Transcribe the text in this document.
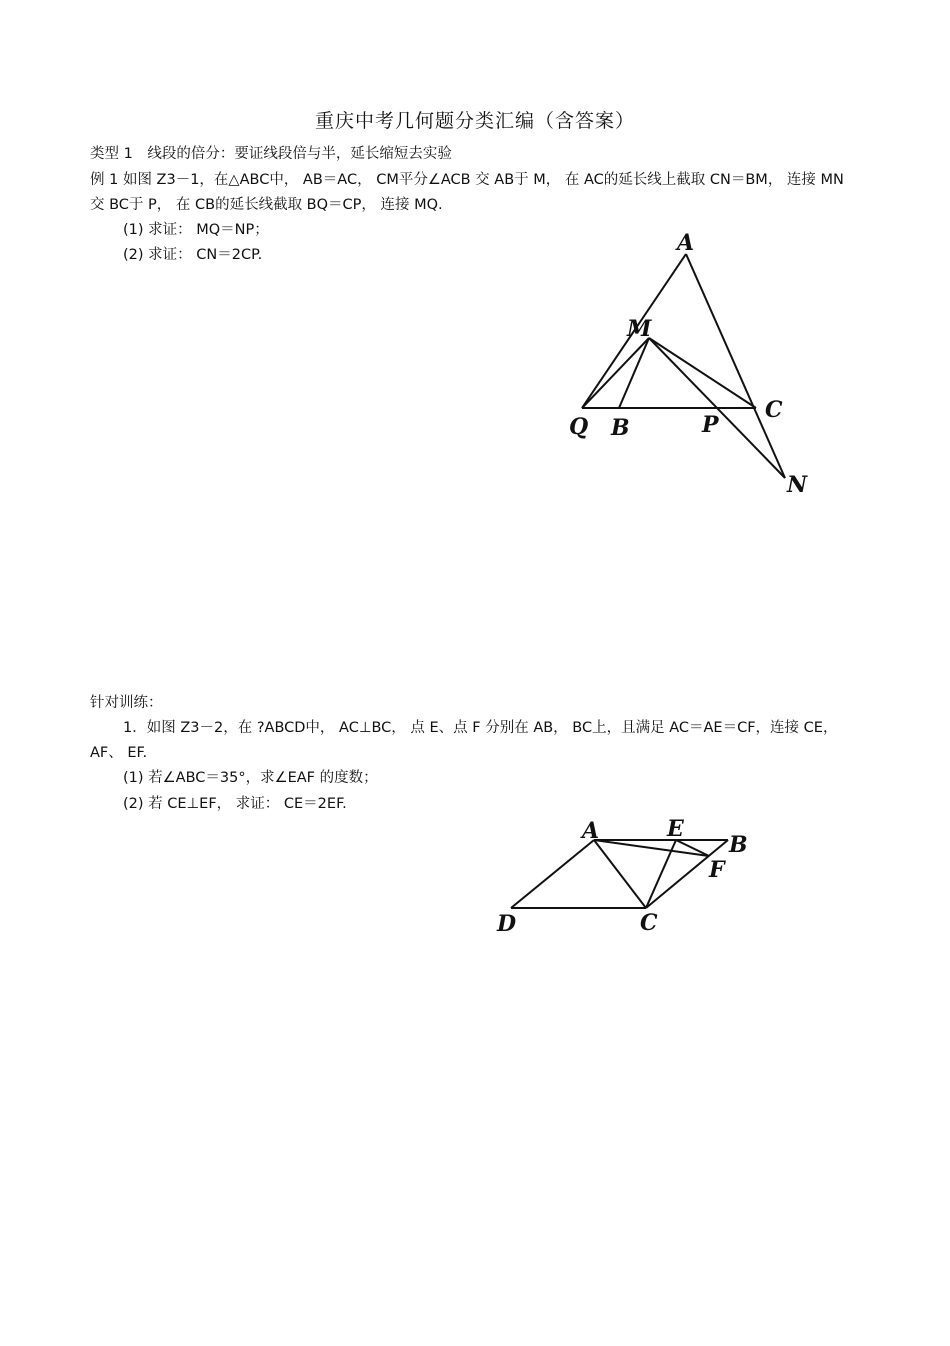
重庆中考几何题分类汇编（含答案）
类型 1　线段的倍分：要证线段倍与半，延长缩短去实验
例 1 如图 Z3－1，在△ABC中， AB＝AC， CM平分∠ACB 交 AB于 M， 在 AC的延长线上截取 CN＝BM， 连接 MN
交 BC于 P， 在 CB的延长线截取 BQ＝CP， 连接 MQ.
(1) 求证： MQ＝NP；
(2) 求证： CN＝2CP.
针对训练：
1．如图 Z3－2，在 ?ABCD中， AC⊥BC， 点 E、点 F 分别在 AB， BC上，且满足 AC＝AE＝CF，连接 CE，
AF、 EF.
(1) 若∠ABC＝35°，求∠EAF 的度数；
(2) 若 CE⊥EF， 求证： CE＝2EF.
A
M
Q B	P
C
N
A	E
B
F
D	C
